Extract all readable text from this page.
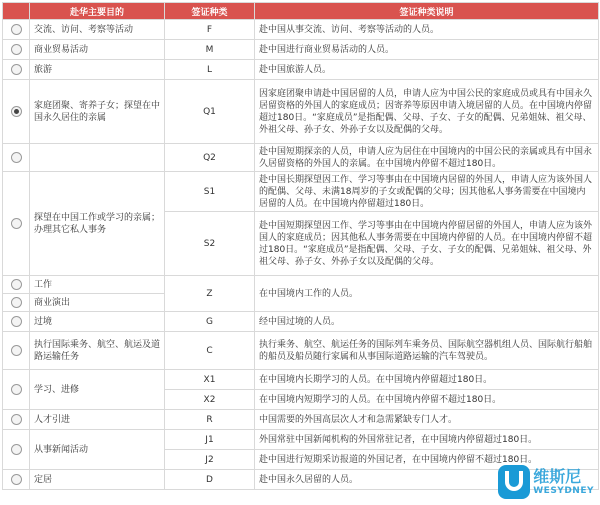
	赴华主要目的	签证种类	签证种类说明
	交流、访问、考察等活动	F	赴中国从事交流、访问、考察等活动的人员。
	商业贸易活动	M	赴中国进行商业贸易活动的人员。
	旅游	L	赴中国旅游人员。
	家庭团聚、寄养子女；探望在中国永久居住的亲属	Q1	因家庭团聚申请赴中国居留的人员，申请人应为中国公民的家庭成员或具有中国永久居留资格的外国人的家庭成员；因寄养等原因申请入境居留的人员。在中国境内停留超过180日。“家庭成员”是指配偶、父母、子女、子女的配偶、兄弟姐妹、祖父母、外祖父母、孙子女、外孙子女以及配偶的父母。
		Q2	赴中国短期探亲的人员，申请人应为居住在中国境内的中国公民的亲属或具有中国永久居留资格的外国人的亲属。在中国境内停留不超过180日。
	探望在中国工作或学习的亲属；办理其它私人事务	S1	赴中国长期探望因工作、学习等事由在中国境内居留的外国人，申请人应为该外国人的配偶、父母、未满18周岁的子女或配偶的父母；因其他私人事务需要在中国境内居留的人员。在中国境内停留超过180日。
		S2	赴中国短期探望因工作、学习等事由在中国境内停留居留的外国人，申请人应为该外国人的家庭成员；因其他私人事务需要在中国境内停留的人员。在中国境内停留不超过180日。“家庭成员”是指配偶、父母、子女、子女的配偶、兄弟姐妹、祖父母、外祖父母、孙子女、外孙子女以及配偶的父母。
	工作	Z	在中国境内工作的人员。
	商业演出		
	过境	G	经中国过境的人员。
	执行国际乘务、航空、航运及道路运输任务	C	执行乘务、航空、航运任务的国际列车乘务员、国际航空器机组人员、国际航行船舶的船员及船员随行家属和从事国际道路运输的汽车驾驶员。
	学习、进修	X1	在中国境内长期学习的人员。在中国境内停留超过180日。
		X2	在中国境内短期学习的人员。在中国境内停留不超过180日。
	人才引进	R	中国需要的外国高层次人才和急需紧缺专门人才。
	从事新闻活动	J1	外国常驻中国新闻机构的外国常驻记者，在中国境内停留超过180日。
		J2	赴中国进行短期采访报道的外国记者，在中国境内停留不超过180日。
	定居	D	赴中国永久居留的人员。	维斯尼
WESYDNEY
